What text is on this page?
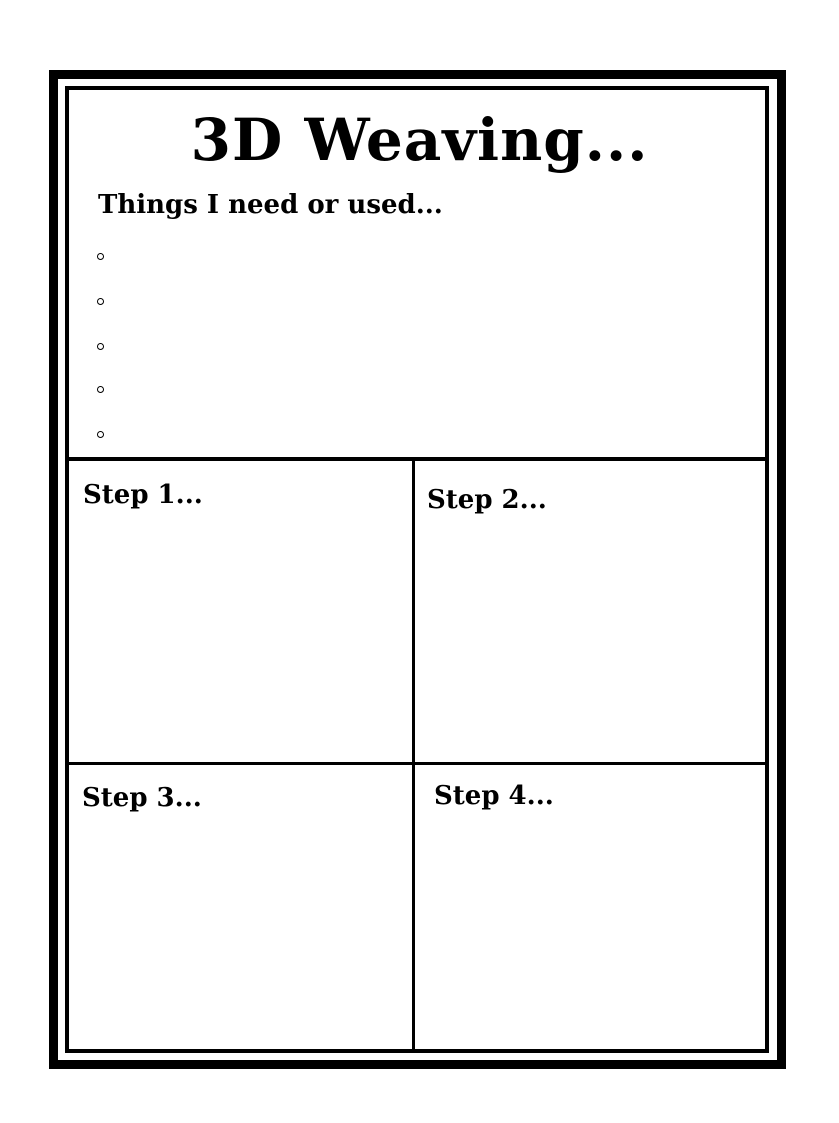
3D Weaving...
Things I need or used...
Step 1...	Step 2...
Step 3...	Step 4...
